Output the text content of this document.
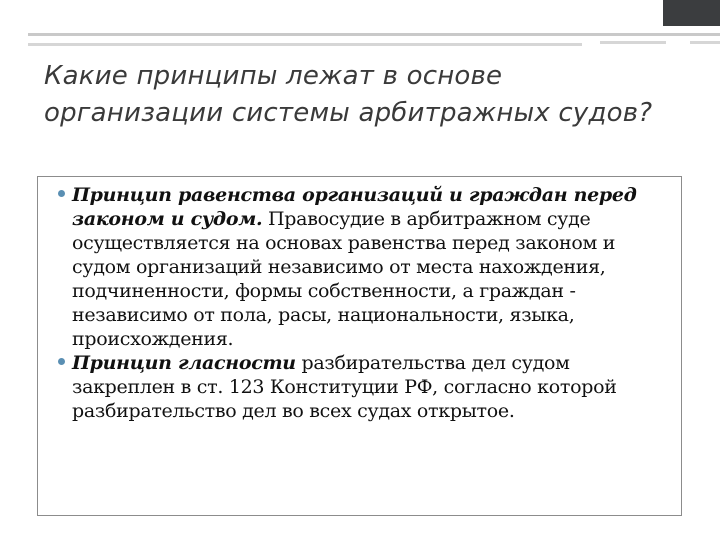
Какие принципы лежат в основе организации системы арбитражных судов?
Принцип равенства организаций и граждан перед законом и судом. Правосудие в арбитражном суде осуществляется на основах равенства перед законом и судом организаций независимо от места нахождения, подчиненности, формы собственности, а граждан - независимо от пола, расы, национальности, языка, происхождения.
Принцип гласности разбирательства дел судом закреплен в ст. 123 Конституции РФ, согласно которой разбирательство дел во всех судах открытое.
